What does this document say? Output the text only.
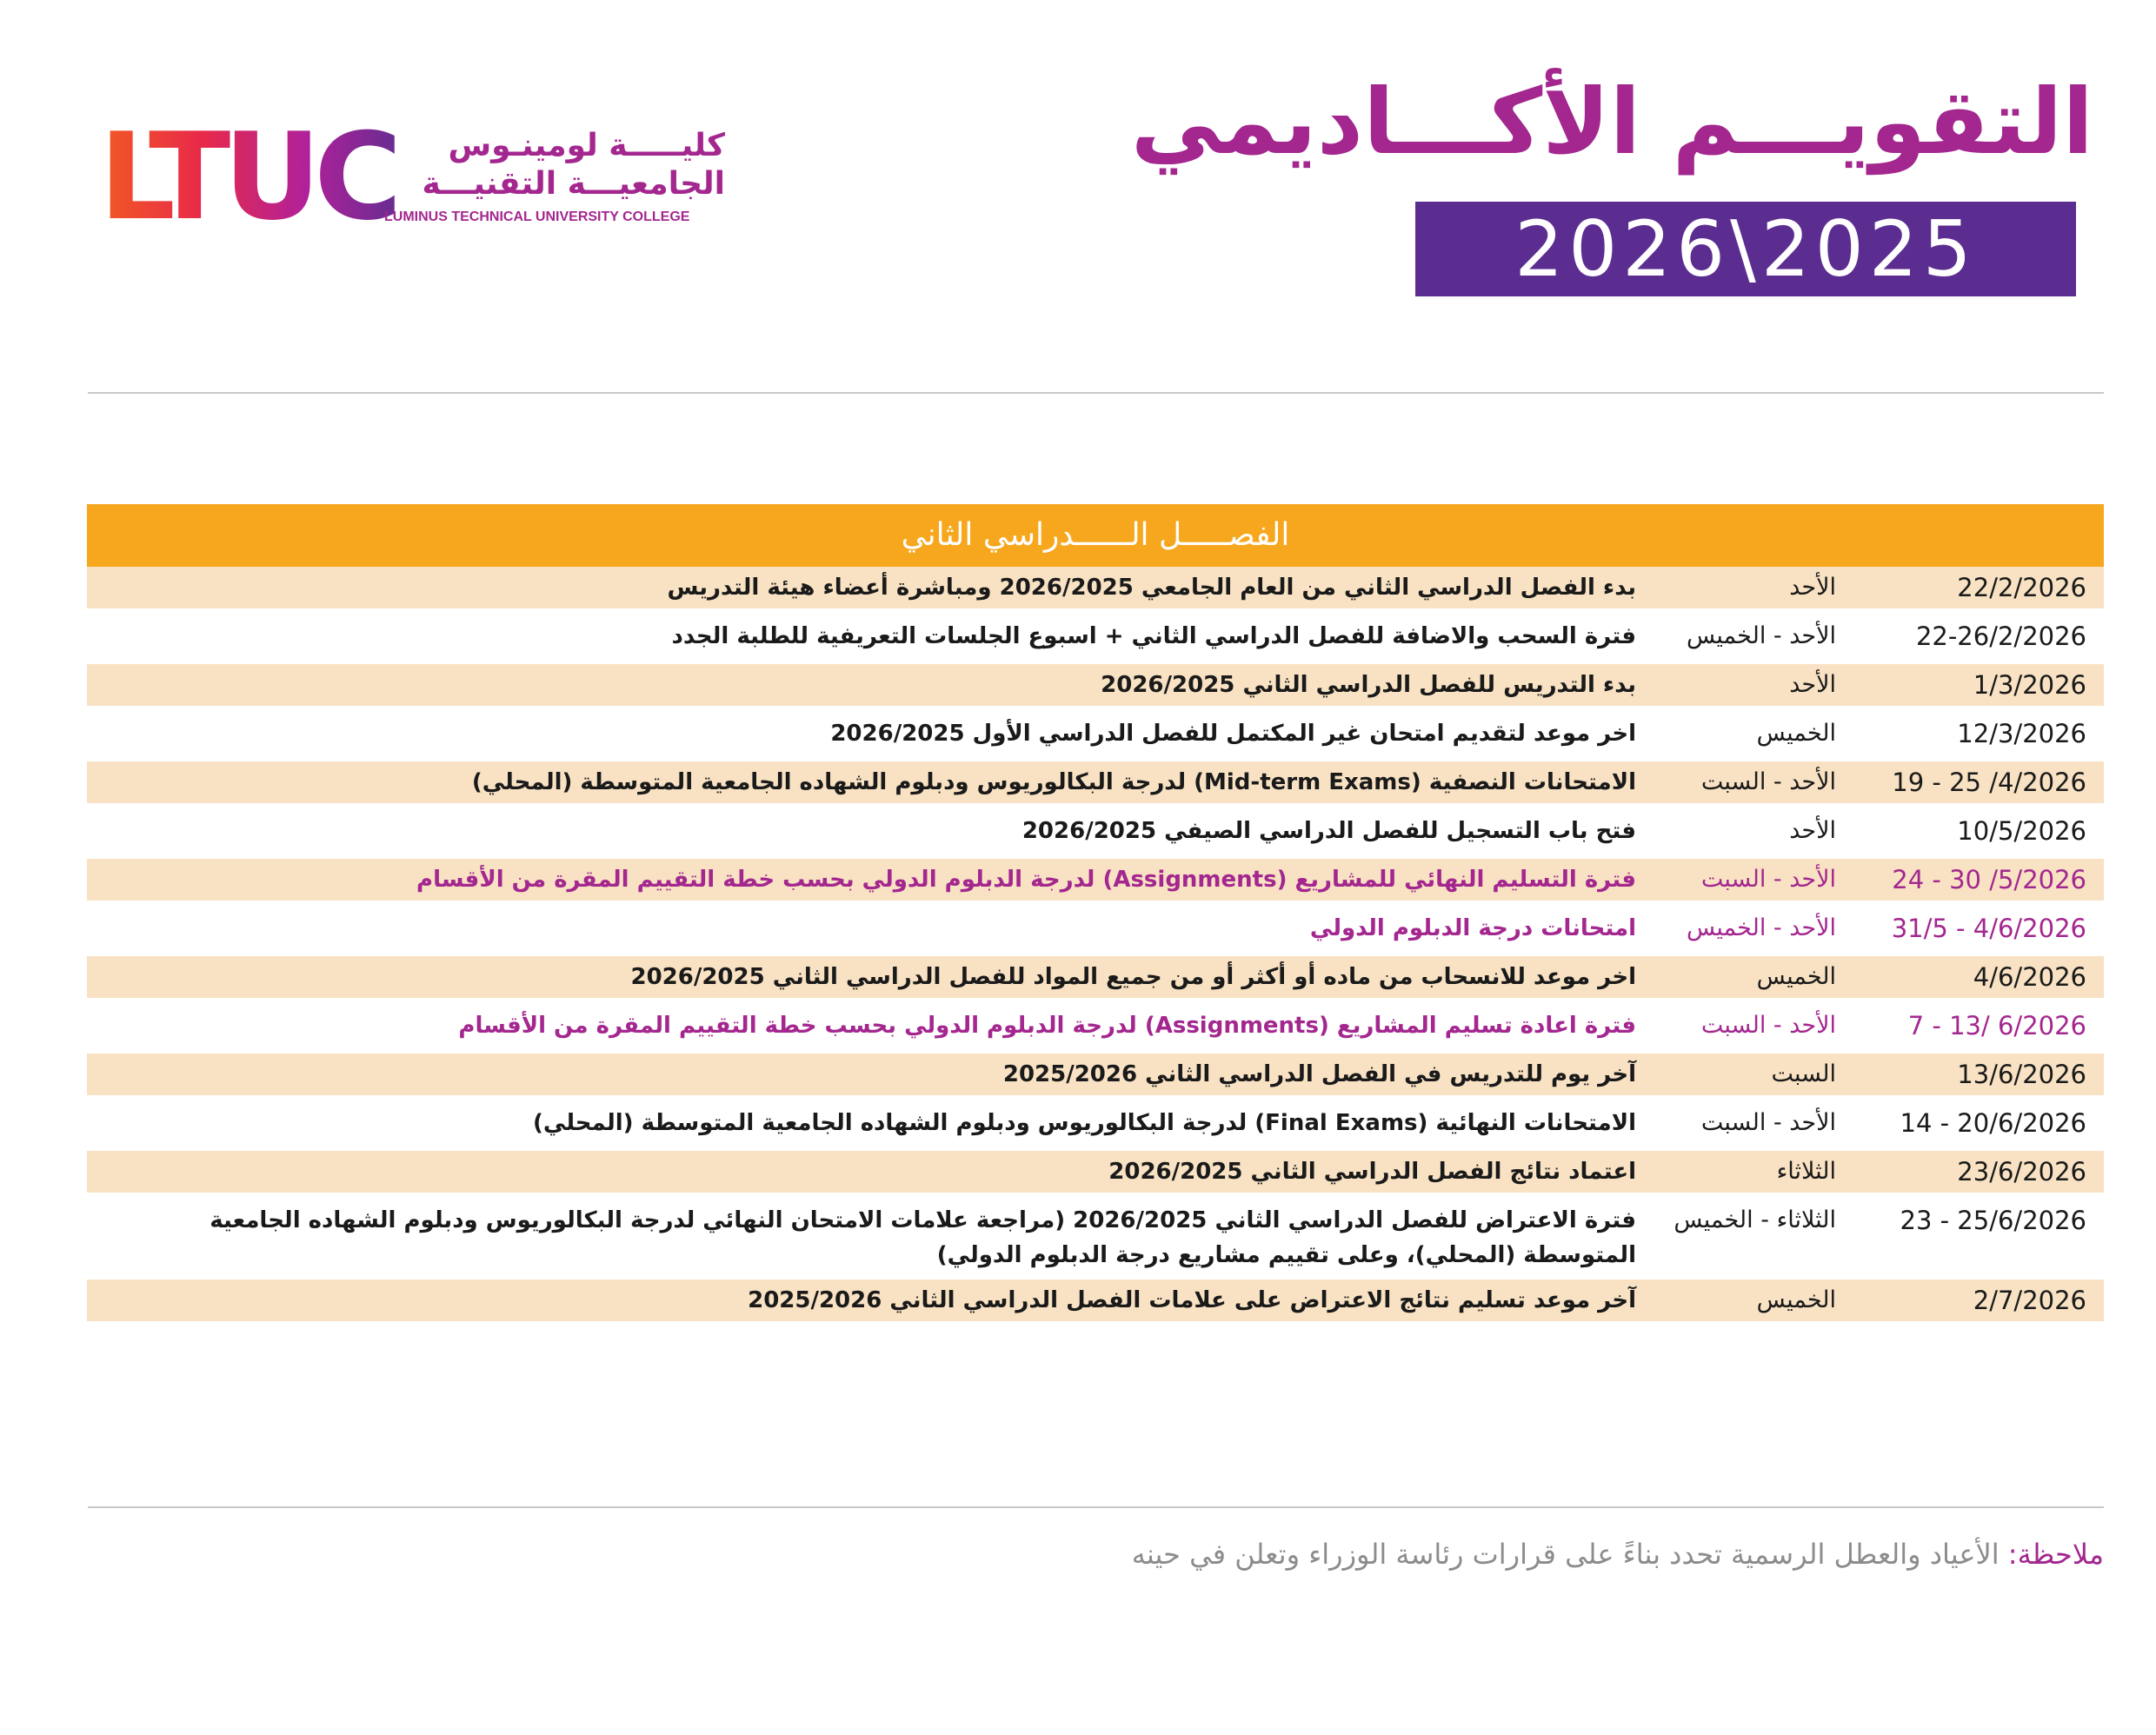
التقويـــم الأكـــاديمي
2026\2025
LTUC	كليـــــة لومينـوس
الجامعيـــة التقنيـــة
LUMINUS TECHNICAL UNIVERSITY COLLEGE
الفصـــــل الــــــدراسي الثاني
22/2/2026
الأحد
بدء الفصل الدراسي الثاني من العام الجامعي 2026/2025 ومباشرة أعضاء هيئة التدريس
22-26/2/2026
الأحد - الخميس
فترة السحب والاضافة للفصل الدراسي الثاني + اسبوع الجلسات التعريفية للطلبة الجدد
1/3/2026
الأحد
بدء التدريس للفصل الدراسي الثاني 2026/2025
12/3/2026
الخميس
اخر موعد لتقديم امتحان غير المكتمل للفصل الدراسي الأول 2026/2025
19 - 25 /4/2026
الأحد - السبت
الامتحانات النصفية (Mid-term Exams) لدرجة البكالوريوس ودبلوم الشهاده الجامعية المتوسطة (المحلي)
10/5/2026
الأحد
فتح باب التسجيل للفصل الدراسي الصيفي 2026/2025
24 - 30 /5/2026
الأحد - السبت
فترة التسليم النهائي للمشاريع (Assignments) لدرجة الدبلوم الدولي بحسب خطة التقييم المقرة من الأقسام
31/5 - 4/6/2026
الأحد - الخميس
امتحانات درجة الدبلوم الدولي
4/6/2026
الخميس
اخر موعد للانسحاب من ماده أو أكثر أو من جميع المواد للفصل الدراسي الثاني 2026/2025
7 - 13/ 6/2026
الأحد - السبت
فترة اعادة تسليم المشاريع (Assignments) لدرجة الدبلوم الدولي بحسب خطة التقييم المقرة من الأقسام
13/6/2026
السبت
آخر يوم للتدريس في الفصل الدراسي الثاني 2025/2026
14 - 20/6/2026
الأحد - السبت
الامتحانات النهائية (Final Exams) لدرجة البكالوريوس ودبلوم الشهاده الجامعية المتوسطة (المحلي)
23/6/2026
الثلاثاء
اعتماد نتائج الفصل الدراسي الثاني 2026/2025
23 - 25/6/2026
الثلاثاء - الخميس
فترة الاعتراض للفصل الدراسي الثاني 2026/2025 (مراجعة علامات الامتحان النهائي لدرجة البكالوريوس ودبلوم الشهاده الجامعية المتوسطة (المحلي)، وعلى تقييم مشاريع درجة الدبلوم الدولي)
2/7/2026
الخميس
آخر موعد تسليم نتائج الاعتراض على علامات الفصل الدراسي الثاني 2025/2026
ملاحظة: الأعياد والعطل الرسمية تحدد بناءً على قرارات رئاسة الوزراء وتعلن في حينه
